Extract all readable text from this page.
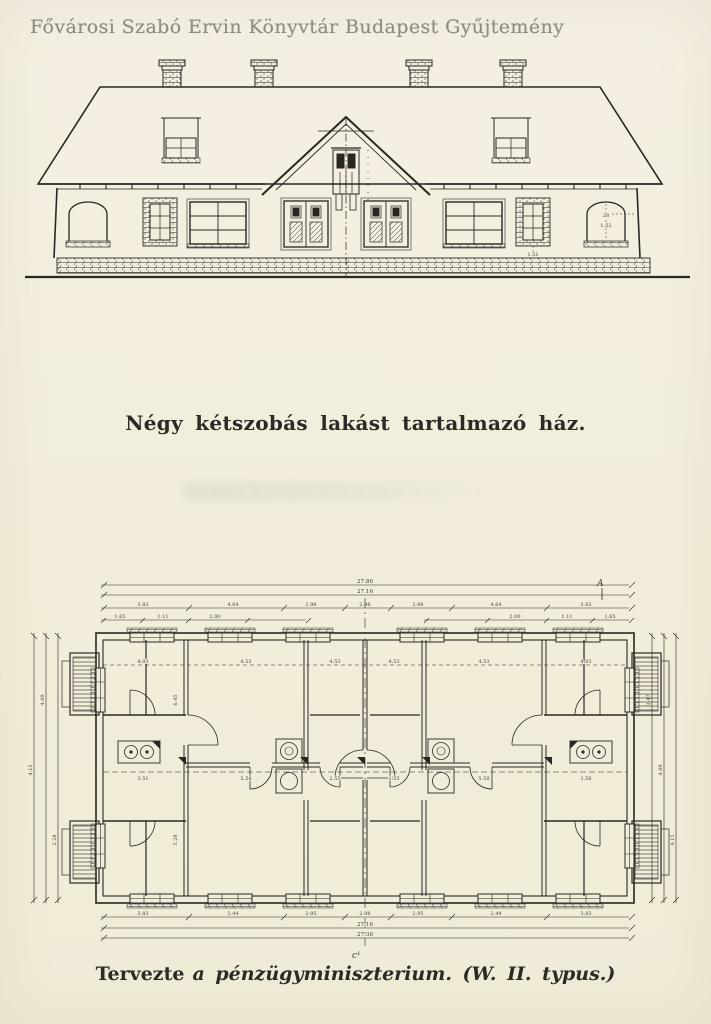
Fővárosi Szabó Ervin Könyvtár Budapest Gyűjtemény
28
1.52
1.51
A
27.86
27.16
3.83	4.64	2.98	2.98	2.98	4.64	3.83
1.65	1.11	2.00	2.00	1.11	1.65
4.15
4.09
2.28
4.09
4.15
4.03	4.53	4.53	4.53	4.53	4.03
3.51	5.58	2.55	2.55	5.58	3.56
6.45
5.28
3.83	2.44	2.95	2.98	2.95	2.44	3.83
27.16
27.36
c¹
Négy kétszobás lakást tartalmazó ház.
Tervezte a pénzügyminiszterium. (W. II. typus.)
